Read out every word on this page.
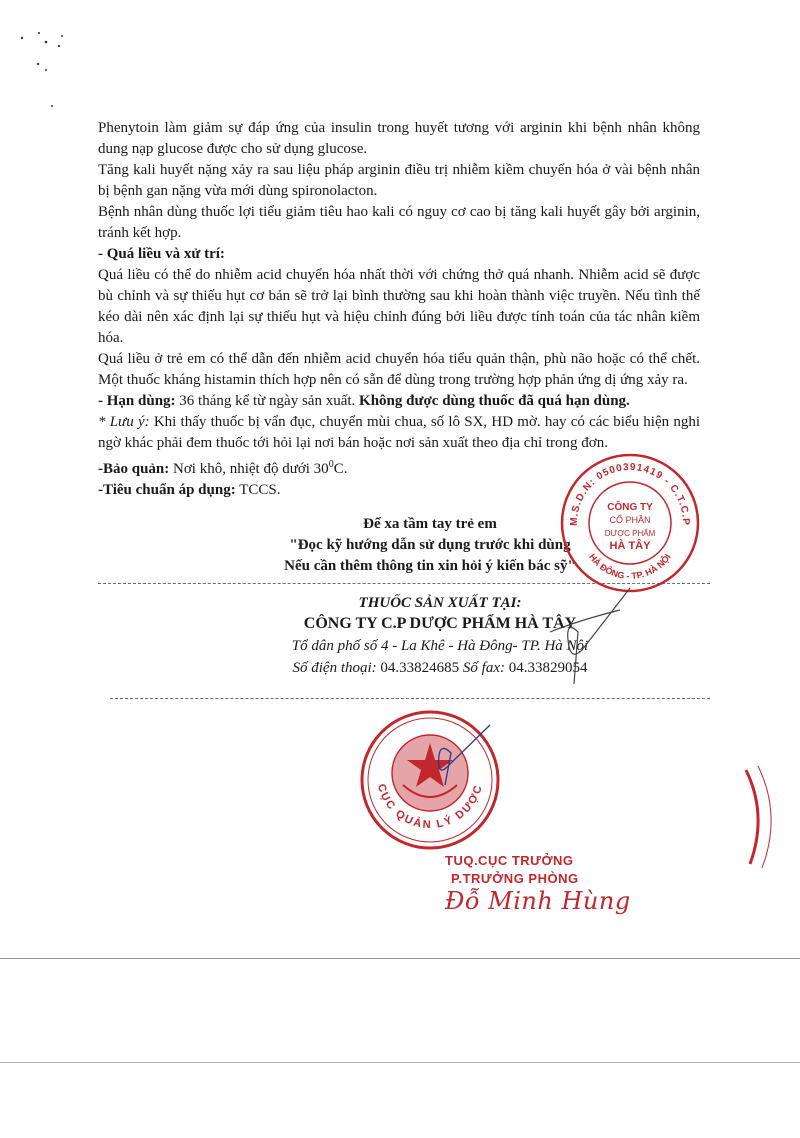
Phenytoin làm giảm sự đáp ứng của insulin trong huyết tương với arginin khi bệnh nhân không dung nạp glucose được cho sử dụng glucose.

Tăng kali huyết nặng xảy ra sau liệu pháp arginin điều trị nhiễm kiềm chuyển hóa ở vài bệnh nhân bị bệnh gan nặng vừa mới dùng spironolacton.

Bệnh nhân dùng thuốc lợi tiểu giảm tiêu hao kali có nguy cơ cao bị tăng kali huyết gây bởi arginin, tránh kết hợp.

- Quá liều và xử trí:

Quá liều có thể do nhiễm acid chuyển hóa nhất thời với chứng thở quá nhanh. Nhiễm acid sẽ được bù chỉnh và sự thiếu hụt cơ bản sẽ trở lại bình thường sau khi hoàn thành việc truyền. Nếu tình thế kéo dài nên xác định lại sự thiếu hụt và hiệu chỉnh đúng bởi liều được tính toán của tác nhân kiềm hóa.

Quá liều ở trẻ em có thể dẫn đến nhiễm acid chuyển hóa tiểu quản thận, phù não hoặc có thể chết. Một thuốc kháng histamin thích hợp nên có sẵn để dùng trong trường hợp phản ứng dị ứng xảy ra.

- Hạn dùng: 36 tháng kể từ ngày sản xuất. Không được dùng thuốc đã quá hạn dùng.

* Lưu ý: Khi thấy thuốc bị vẩn đục, chuyển mùi chua, số lô SX, HD mờ. hay có các biểu hiện nghi ngờ khác phải đem thuốc tới hỏi lại nơi bán hoặc nơi sản xuất theo địa chỉ trong đơn.

-Bảo quản: Nơi khô, nhiệt độ dưới $30^0C$.

-Tiêu chuẩn áp dụng: TCCS.

Để xa tầm tay trẻ em
"Đọc kỹ hướng dẫn sử dụng trước khi dùng
Nếu cần thêm thông tin xin hỏi ý kiến bác sỹ"
THUỐC SẢN XUẤT TẠI:
CÔNG TY C.P DƯỢC PHẨM HÀ TÂY
Tổ dân phố số 4 - La Khê - Hà Đông- TP. Hà Nội
Số điện thoại: 04.33824685 Số fax: 04.33829054
M.S.D.N: 0500391419 - C.T.C.P
HÀ ĐÔNG - TP. HÀ NỘI
CÔNG TY
CỔ PHẦN
DƯỢC PHẨM
HÀ TÂY
CỤC QUẢN LÝ DƯỢC
TUQ.CỤC TRƯỞNG
P.TRƯỞNG PHÒNG
Đỗ Minh Hùng
